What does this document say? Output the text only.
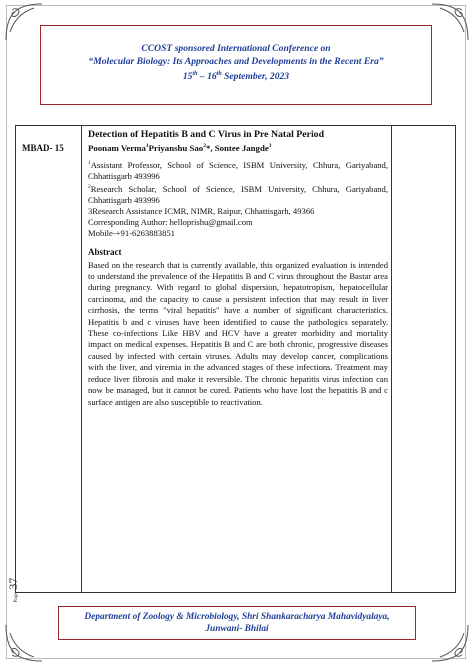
CCOST sponsored International Conference on
“Molecular Biology: Its Approaches and Developments in the Recent Era”
15th – 16th September, 2023
MBAD- 15

Detection of Hepatitis B and C Virus in Pre Natal Period

Poonam Verma$^1$Priyanshu Sao$^2$*, Sontee Jangde$^3$

$^1$Assistant Professor, School of Science, ISBM University, Chhura, Gariyaband, Chhattisgarh 493996

$^2$Research Scholar, School of Science, ISBM University, Chhura, Gariyaband, Chhattisgarh 493996

3Research Assistance ICMR, NIMR, Raipur, Chhattisgarh, 49366

Corresponding Author: helloprishu@gmail.com

Mobile-+91-6263883851

Abstract

Based on the research that is currently available, this organized evaluation is intended to understand the prevalence of the Hepatitis B and C virus throughout the Bastar area during pregnancy. With regard to global dispersion, hepatotropism, hepatocellular carcinoma, and the capacity to cause a persistent infection that may result in liver cirrhosis, the terms "viral hepatitis" have a number of significant characteristics. Hepatitis b and c viruses have been identified to cause the pathologics separately. These co-infections Like HBV and HCV have a greater morbidity and mortality impact on medical expenses. Hepatitis B and C are both chronic, progressive diseases caused by infected with certain viruses. Adults may develop cancer, complications with the liver, and viremia in the advanced stages of these infections. Treatment may reduce liver fibrosis and make it reversible. The chronic hepatitis virus infection can now be managed, but it cannot be cured. Patients who have lost the hepatitis B and c surface antigen are also susceptible to reactivation.

Page 37
Department of Zoology & Microbiology, Shri Shankaracharya Mahavidyalaya,
Junwani- Bhilai
